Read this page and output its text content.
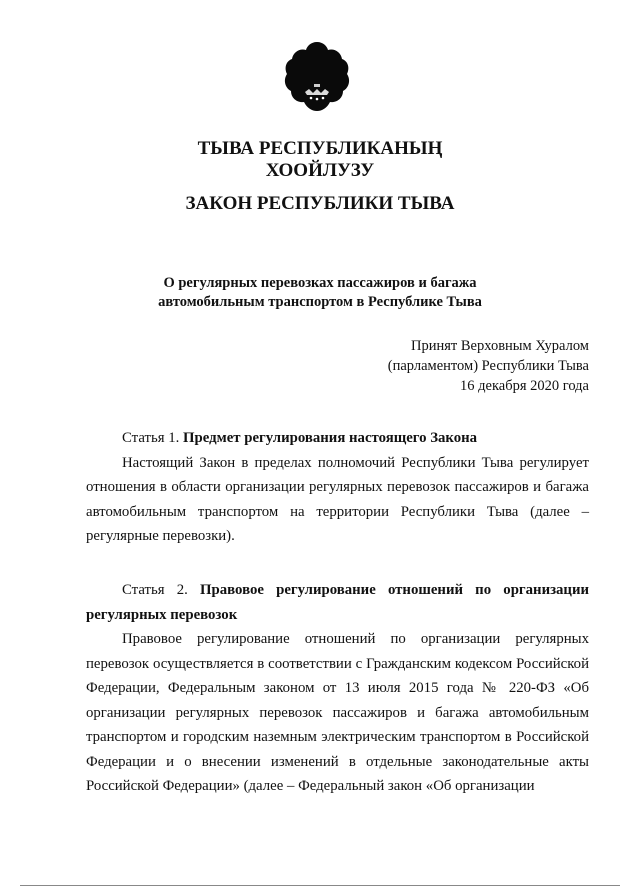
ТЫВА РЕСПУБЛИКАНЫҢ
ХООЙЛУЗУ
ЗАКОН РЕСПУБЛИКИ ТЫВА
О регулярных перевозках пассажиров и багажа
автомобильным транспортом в Республике Тыва
Принят Верховным Хуралом
(парламентом) Республики Тыва
16 декабря 2020 года

Статья 1. Предмет регулирования настоящего Закона

Настоящий Закон в пределах полномочий Республики Тыва регулирует отношения в области организации регулярных перевозок пассажиров и багажа автомобильным транспортом на территории Республики Тыва (далее – регулярные перевозки).

Статья 2. Правовое регулирование отношений по организации регулярных перевозок

Правовое регулирование отношений по организации регулярных перевозок осуществляется в соответствии с Гражданским кодексом Российской Федерации, Федеральным законом от 13 июля 2015 года № 220-ФЗ «Об организации регулярных перевозок пассажиров и багажа автомобильным транспортом и городским наземным электрическим транспортом в Российской Федерации и о внесении изменений в отдельные законодательные акты Российской Федерации» (далее – Федеральный закон «Об организации
